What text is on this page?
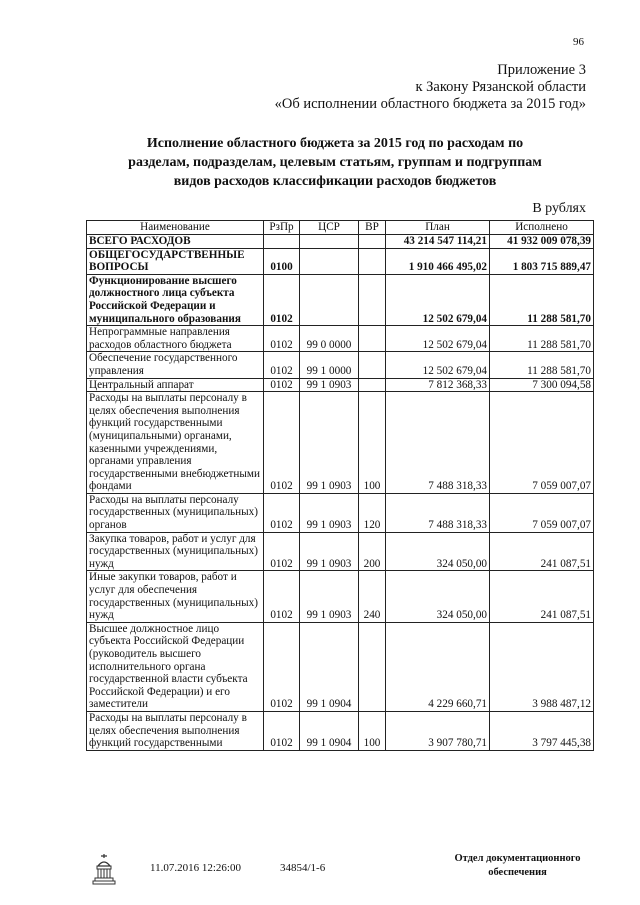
96
Приложение 3
к Закону Рязанской области
«Об исполнении областного бюджета за 2015 год»
Исполнение областного бюджета за 2015 год по расходам по
разделам, подразделам, целевым статьям, группам и подгруппам
видов расходов классификации расходов бюджетов
В рублях
Наименование	РзПр	ЦСР	ВР	План	Исполнено
ВСЕГО РАСХОДОВ				43 214 547 114,21	41 932 009 078,39
ОБЩЕГОСУДАРСТВЕННЫЕ ВОПРОСЫ	0100			1 910 466 495,02	1 803 715 889,47
Функционирование высшего должностного лица субъекта Российской Федерации и муниципального образования	0102			12 502 679,04	11 288 581,70
Непрограммные направления расходов областного бюджета	0102	99 0 0000		12 502 679,04	11 288 581,70
Обеспечение государственного управления	0102	99 1 0000		12 502 679,04	11 288 581,70
Центральный аппарат	0102	99 1 0903		7 812 368,33	7 300 094,58
Расходы на выплаты персоналу в целях обеспечения выполнения функций государственными (муниципальными) органами, казенными учреждениями, органами управления государственными внебюджетными фондами	0102	99 1 0903	100	7 488 318,33	7 059 007,07
Расходы на выплаты персоналу государственных (муниципальных) органов	0102	99 1 0903	120	7 488 318,33	7 059 007,07
Закупка товаров, работ и услуг для государственных (муниципальных) нужд	0102	99 1 0903	200	324 050,00	241 087,51
Иные закупки товаров, работ и услуг для обеспечения государственных (муниципальных) нужд	0102	99 1 0903	240	324 050,00	241 087,51
Высшее должностное лицо субъекта Российской Федерации (руководитель высшего исполнительного органа государственной власти субъекта Российской Федерации) и его заместители	0102	99 1 0904		4 229 660,71	3 988 487,12
Расходы на выплаты персоналу в целях обеспечения выполнения функций государственными	0102	99 1 0904	100	3 907 780,71	3 797 445,38
11.07.2016 12:26:00	34854/1-6
Отдел документационного
обеспечения
